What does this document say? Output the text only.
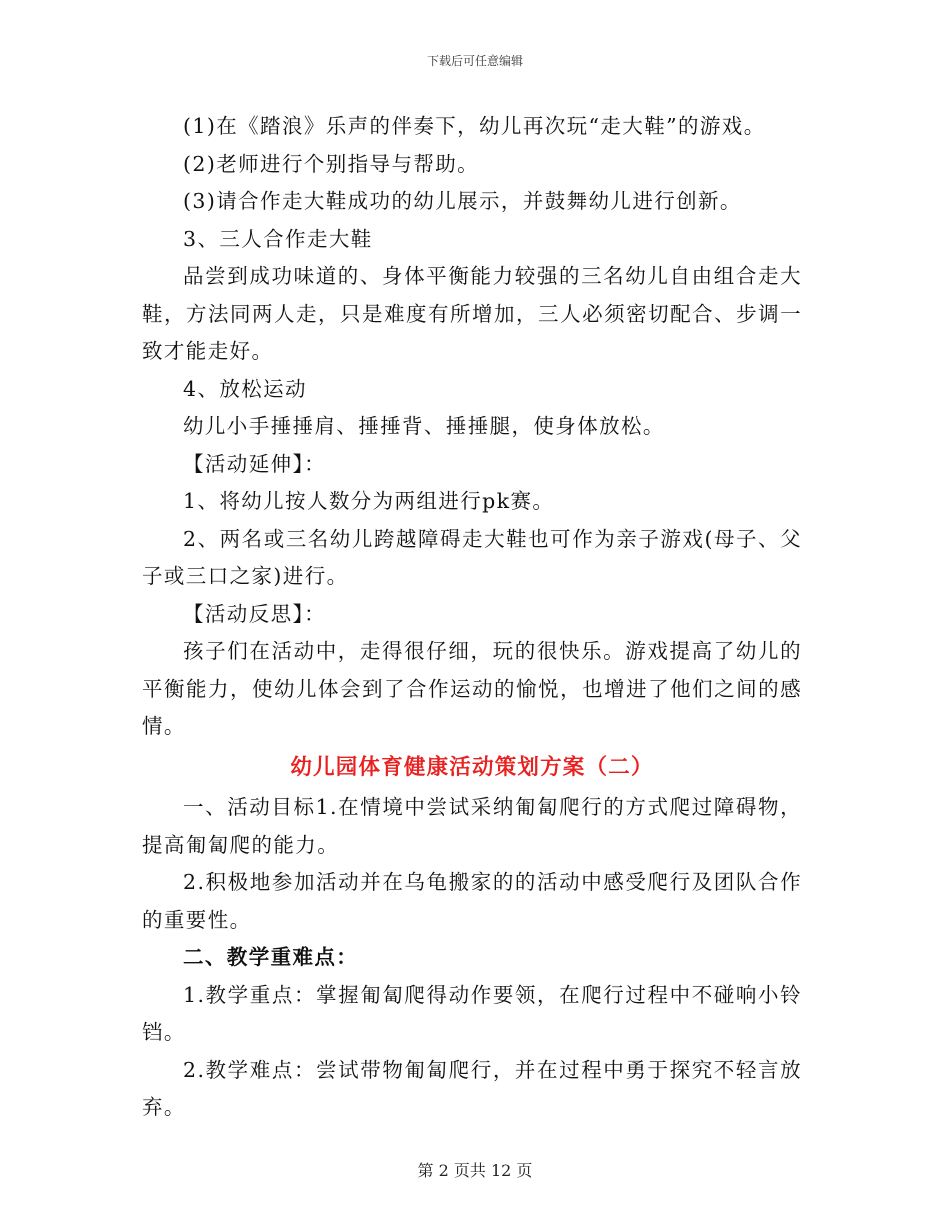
下载后可任意编辑

(1)在《踏浪》乐声的伴奏下，幼儿再次玩“走大鞋”的游戏。

(2)老师进行个别指导与帮助。

(3)请合作走大鞋成功的幼儿展示，并鼓舞幼儿进行创新。

3、三人合作走大鞋

品尝到成功味道的、身体平衡能力较强的三名幼儿自由组合走大鞋，方法同两人走，只是难度有所增加，三人必须密切配合、步调一致才能走好。

4、放松运动

幼儿小手捶捶肩、捶捶背、捶捶腿，使身体放松。

【活动延伸】：

1、将幼儿按人数分为两组进行pk赛。

2、两名或三名幼儿跨越障碍走大鞋也可作为亲子游戏(母子、父子或三口之家)进行。

【活动反思】：

孩子们在活动中，走得很仔细，玩的很快乐。游戏提高了幼儿的平衡能力，使幼儿体会到了合作运动的愉悦，也增进了他们之间的感情。

幼儿园体育健康活动策划方案（二）

一、活动目标1.在情境中尝试采纳匍匐爬行的方式爬过障碍物，提高匍匐爬的能力。

2.积极地参加活动并在乌龟搬家的的活动中感受爬行及团队合作的重要性。

二、教学重难点：

1.教学重点：掌握匍匐爬得动作要领，在爬行过程中不碰响小铃铛。

2.教学难点：尝试带物匍匐爬行，并在过程中勇于探究不轻言放弃。

第 2 页共 12 页
